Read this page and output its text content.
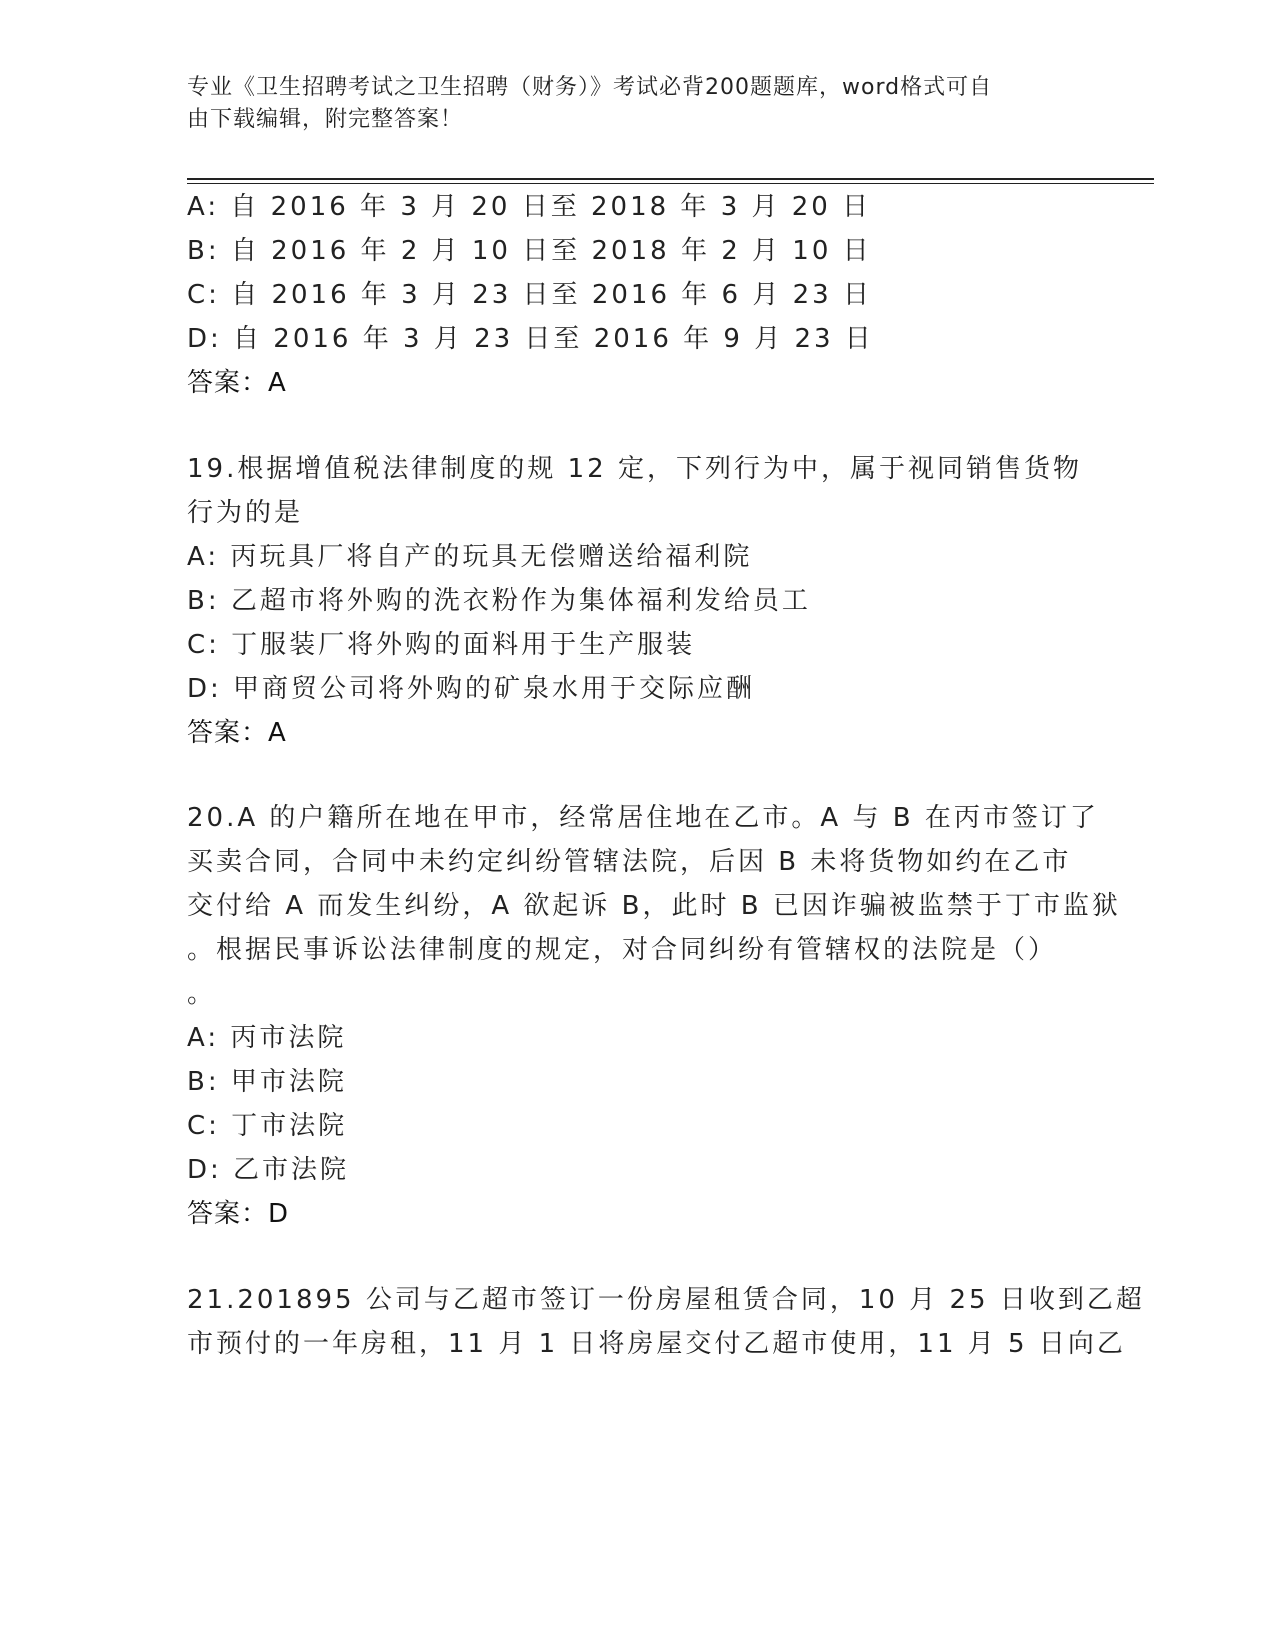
专业《卫生招聘考试之卫生招聘（财务）》考试必背200题题库，word格式可自
由下载编辑，附完整答案！
A: 自 2016 年 3 月 20 日至 2018 年 3 月 20 日
B: 自 2016 年 2 月 10 日至 2018 年 2 月 10 日
C: 自 2016 年 3 月 23 日至 2016 年 6 月 23 日
D: 自 2016 年 3 月 23 日至 2016 年 9 月 23 日
答案：A
19.根据增值税法律制度的规 12 定，下列行为中，属于视同销售货物
行为的是
A: 丙玩具厂将自产的玩具无偿赠送给福利院
B: 乙超市将外购的洗衣粉作为集体福利发给员工
C: 丁服装厂将外购的面料用于生产服装
D: 甲商贸公司将外购的矿泉水用于交际应酬
答案：A
20.A 的户籍所在地在甲市，经常居住地在乙市。A 与 B 在丙市签订了
买卖合同，合同中未约定纠纷管辖法院，后因 B 未将货物如约在乙市
交付给 A 而发生纠纷，A 欲起诉 B，此时 B 已因诈骗被监禁于丁市监狱
。根据民事诉讼法律制度的规定，对合同纠纷有管辖权的法院是（）
。
A: 丙市法院
B: 甲市法院
C: 丁市法院
D: 乙市法院
答案：D
21.201895 公司与乙超市签订一份房屋租赁合同，10 月 25 日收到乙超
市预付的一年房租，11 月 1 日将房屋交付乙超市使用，11 月 5 日向乙
